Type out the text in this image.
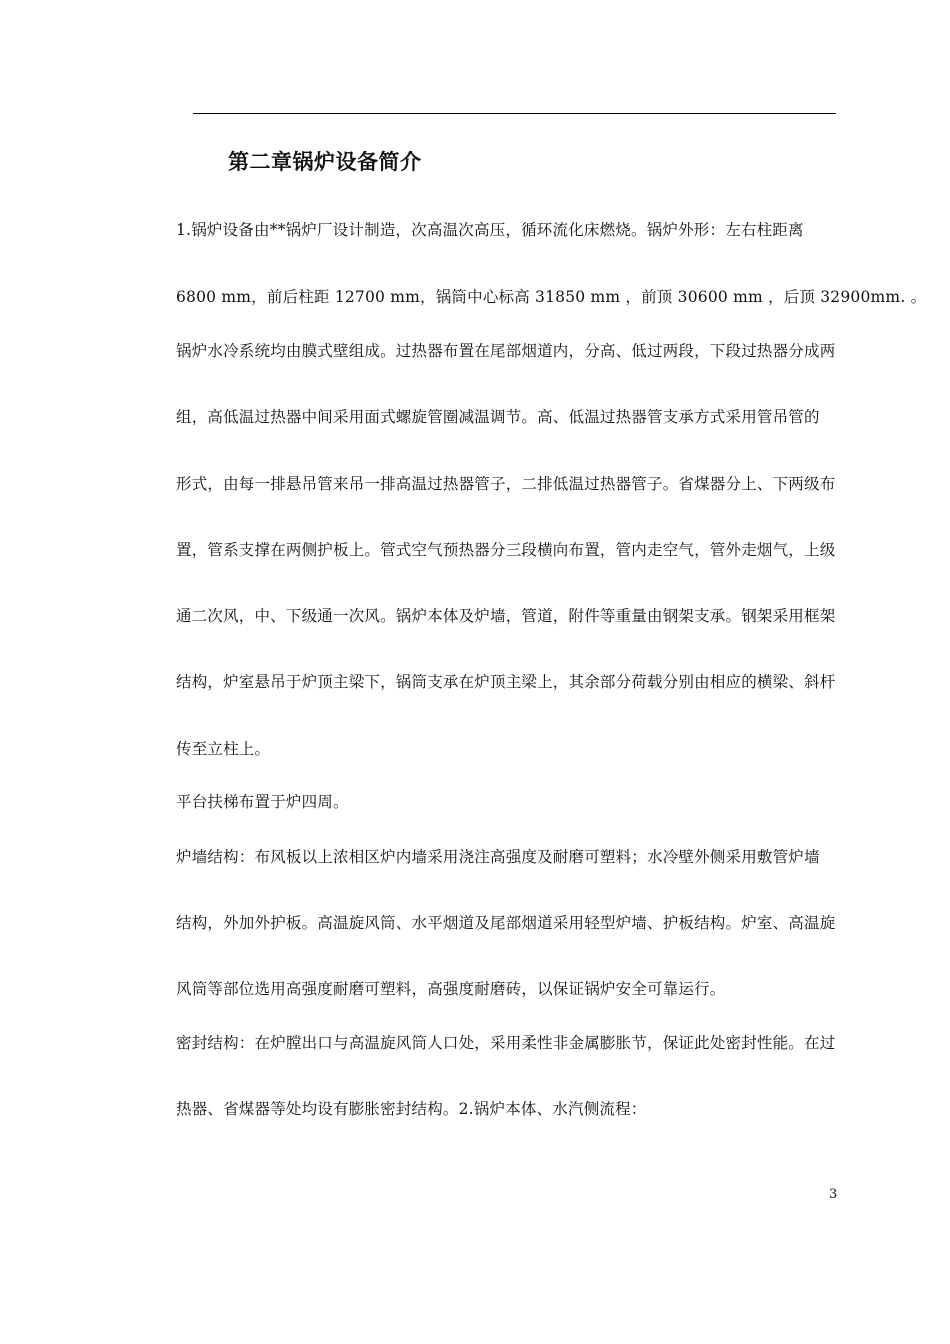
第二章锅炉设备简介
1.锅炉设备由**锅炉厂设计制造，次高温次高压，循环流化床燃烧。锅炉外形：左右柱距离
6800 mm，前后柱距 12700 mm，锅筒中心标高 31850 mm ，前顶 30600 mm ，后顶 32900mm. 。
锅炉水冷系统均由膜式壁组成。过热器布置在尾部烟道内，分高、低过两段，下段过热器分成两
组，高低温过热器中间采用面式螺旋管圈减温调节。高、低温过热器管支承方式采用管吊管的
形式，由每一排悬吊管来吊一排高温过热器管子，二排低温过热器管子。省煤器分上、下两级布
置，管系支撑在两侧护板上。管式空气预热器分三段横向布置，管内走空气，管外走烟气，上级
通二次风，中、下级通一次风。锅炉本体及炉墙，管道，附件等重量由钢架支承。钢架采用框架
结构，炉室悬吊于炉顶主梁下，锅筒支承在炉顶主梁上，其余部分荷载分别由相应的横梁、斜杆
传至立柱上。
平台扶梯布置于炉四周。
炉墙结构：布风板以上浓相区炉内墙采用浇注高强度及耐磨可塑料；水冷壁外侧采用敷管炉墙
结构，外加外护板。高温旋风筒、水平烟道及尾部烟道采用轻型炉墙、护板结构。炉室、高温旋
风筒等部位选用高强度耐磨可塑料，高强度耐磨砖，以保证锅炉安全可靠运行。
密封结构：在炉膛出口与高温旋风筒人口处，采用柔性非金属膨胀节，保证此处密封性能。在过
热器、省煤器等处均设有膨胀密封结构。2.锅炉本体、水汽侧流程：
3
